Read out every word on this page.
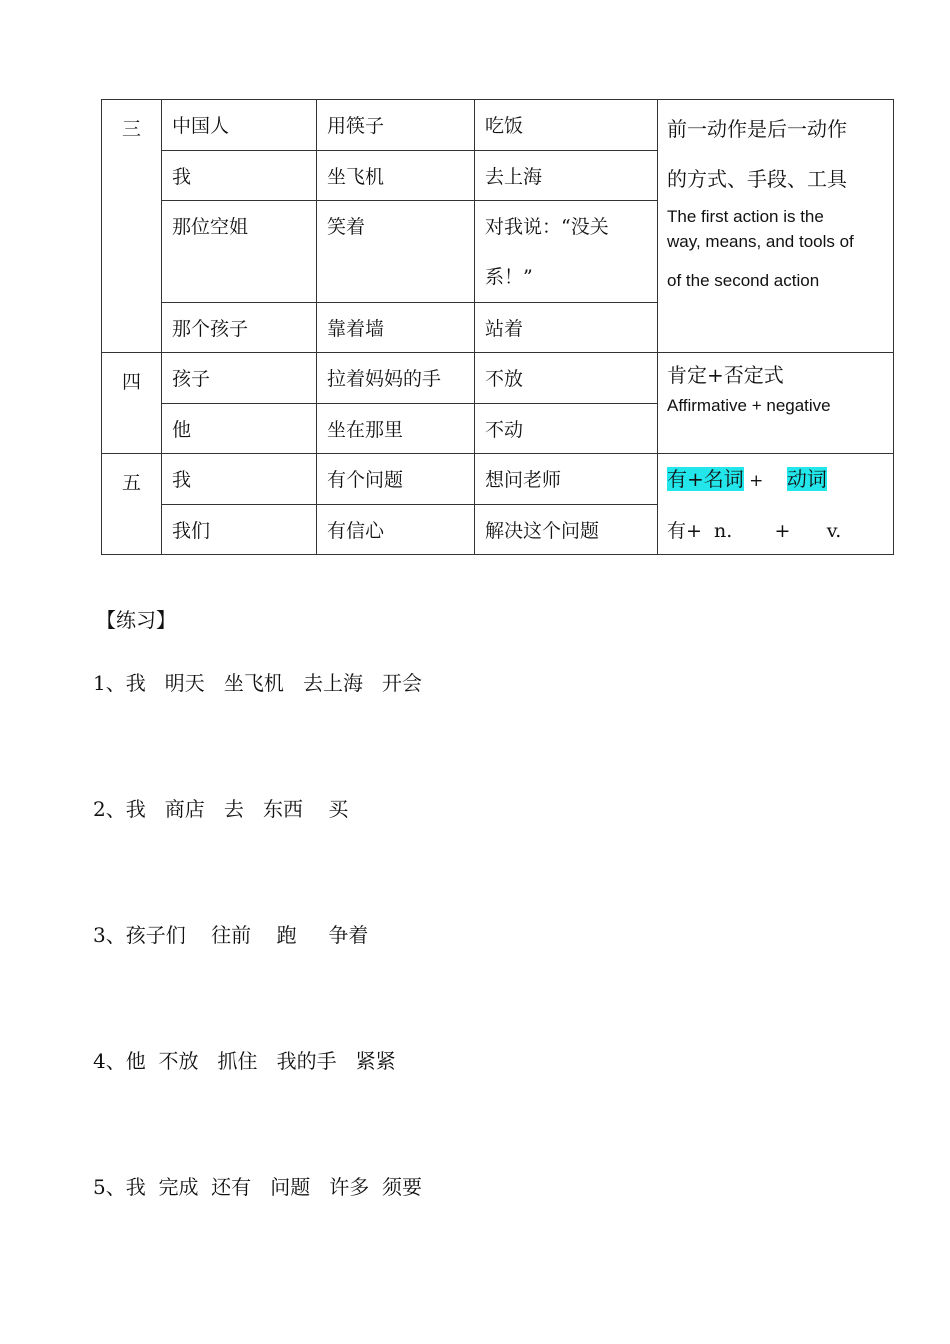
三	中国人	用筷子	吃饭	前一动作是后一动作
的方式、手段、工具
The first action is the
way, means, and tools of
of the second action

	我	坐飞机	去上海	
	那位空姐	笑着	对我说：“没关系！”	

	那个孩子	靠着墙	站着	
四	孩子	拉着妈妈的手	不放	肯定+否定式
Affirmative + negative

	他	坐在那里	不动	
五	我	有个问题	想问老师	有+名词 + 动词
有+  n.       +      v.

	我们	有信心	解决这个问题	
【练习】
1、我   明天   坐飞机   去上海   开会
2、我   商店   去   东西    买
3、孩子们    往前    跑     争着
4、他  不放   抓住   我的手   紧紧
5、我  完成  还有   问题   许多  须要
